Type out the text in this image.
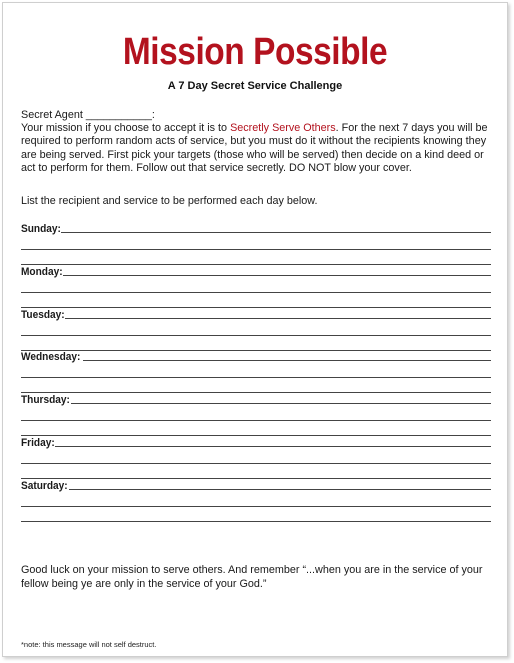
Mission Possible
A 7 Day Secret Service Challenge

Secret Agent ___________:

Your mission if you choose to accept it is to Secretly Serve Others. For the next 7 days you will be required to perform random acts of service, but you must do it without the recipients knowing they are being served. First pick your targets (those who will be served) then decide on a kind deed or act to perform for them. Follow out that service secretly. DO NOT blow your cover.

List the recipient and service to be performed each day below.
Sunday:
Monday:
Tuesday:
Wednesday:
Thursday:
Friday:
Saturday:
Good luck on your mission to serve others. And remember “...when you are in the service of your fellow being ye are only in the service of your God.”
*note: this message will not self destruct.
